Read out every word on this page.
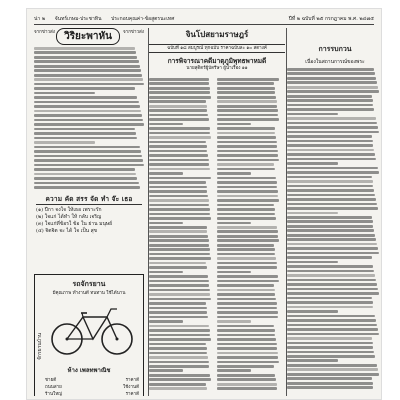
น่า ๒ จันทร์เกษม-ประชาทิน ประกอบคุณค่า-ข้อสูตรนะเทศ	ปีที่ ๒ ฉบับที่ ๒๕ กรกฎาคม พ.ศ. ๒๔๗๕
จากข่าวส่ง วิริยะพาหัน	จากข่าวส่ง
ความ คัด สรร จัด ทำ จ๊ะ เธอ
(๑) ปีกา จงใจ ให้เธอ เพราะรัก
(๒) ใจแก่ ได้ทำ ให้ กลับ เจริญ
(๓) ใจแก่ที่ข้อรใ ข้อ ใน ย่าน มนุษย์
(๔) จิตจิต จะ ได้ ใจ เป็น สุข
รถจักรยาน
มีคุณภาพ ทำงานดี ทนทาน ใช้ได้นาน
จักรยานบ้าน
ห้าง เพลทพาณิช
ชายดี	ราคาดี
ถนนสาย	ใช้งานดี
ร้านใหญ่	ราคาดี
จินโปสยามราษฎร์
ฉบับที่ ๑๘ สมบูรณ์ ทุกฉบับ ราคาฉบับละ ๑๐ สตางค์
การพิจารณาคดีมาตุภูมิพุทธพาหมดี
นายสุดิดร์ผู้บัดรีษา ผู้นำเรื่อง ๑๑
การรบกวน
เนื่องในสถานการณ์ของพระ
